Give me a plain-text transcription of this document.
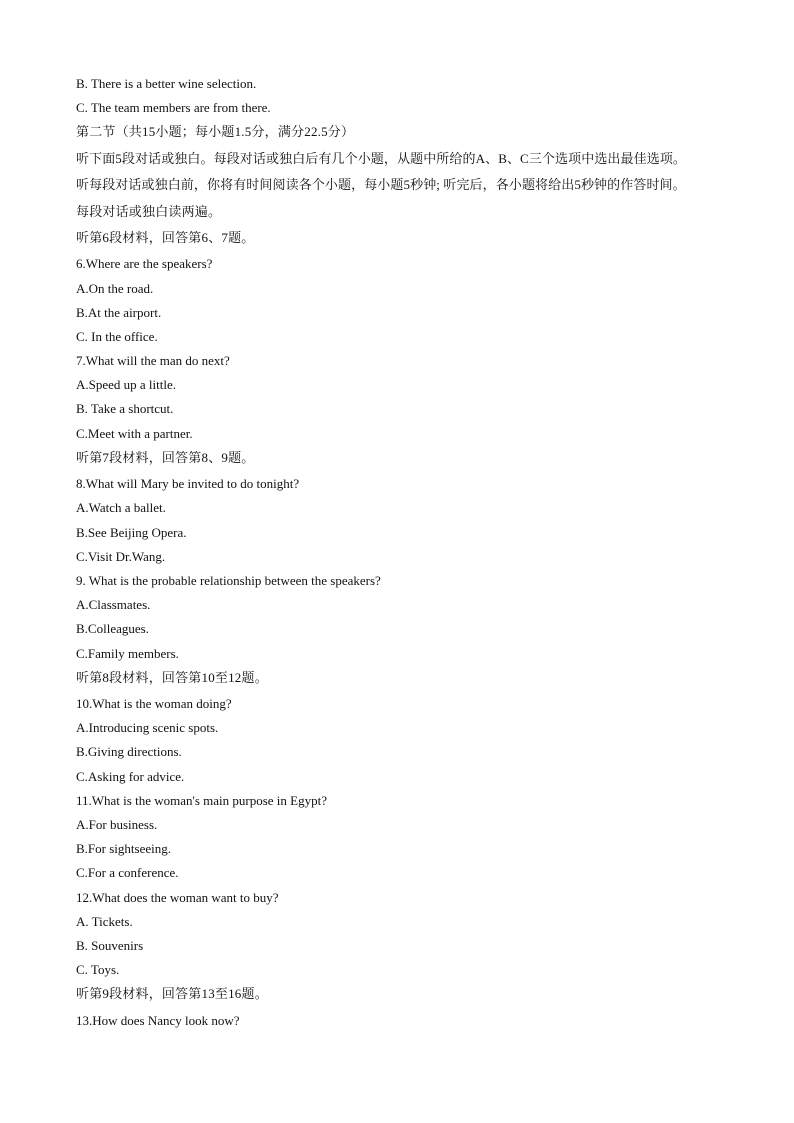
B. There is a better wine selection.
C. The team members are from there.
第二节（共15小题；每小题1.5分，满分22.5分）
听下面5段对话或独白。每段对话或独白后有几个小题，从题中所给的A、B、C三个选项中选出最佳选项。
听每段对话或独白前，你将有时间阅读各个小题，每小题5秒钟; 听完后，各小题将给出5秒钟的作答时间。
每段对话或独白读两遍。
听第6段材料，回答第6、7题。
6.Where are the speakers?
A.On the road.
B.At the airport.
C. In the office.
7.What will the man do next?
A.Speed up a little.
B. Take a shortcut.
C.Meet with a partner.
听第7段材料，回答第8、9题。
8.What will Mary be invited to do tonight?
A.Watch a ballet.
B.See Beijing Opera.
C.Visit Dr.Wang.
9. What is the probable relationship between the speakers?
A.Classmates.
B.Colleagues.
C.Family members.
听第8段材料，回答第10至12题。
10.What is the woman doing?
A.Introducing scenic spots.
B.Giving directions.
C.Asking for advice.
11.What is the woman's main purpose in Egypt?
A.For business.
B.For sightseeing.
C.For a conference.
12.What does the woman want to buy?
A. Tickets.
B. Souvenirs
C. Toys.
听第9段材料，回答第13至16题。
13.How does Nancy look now?
